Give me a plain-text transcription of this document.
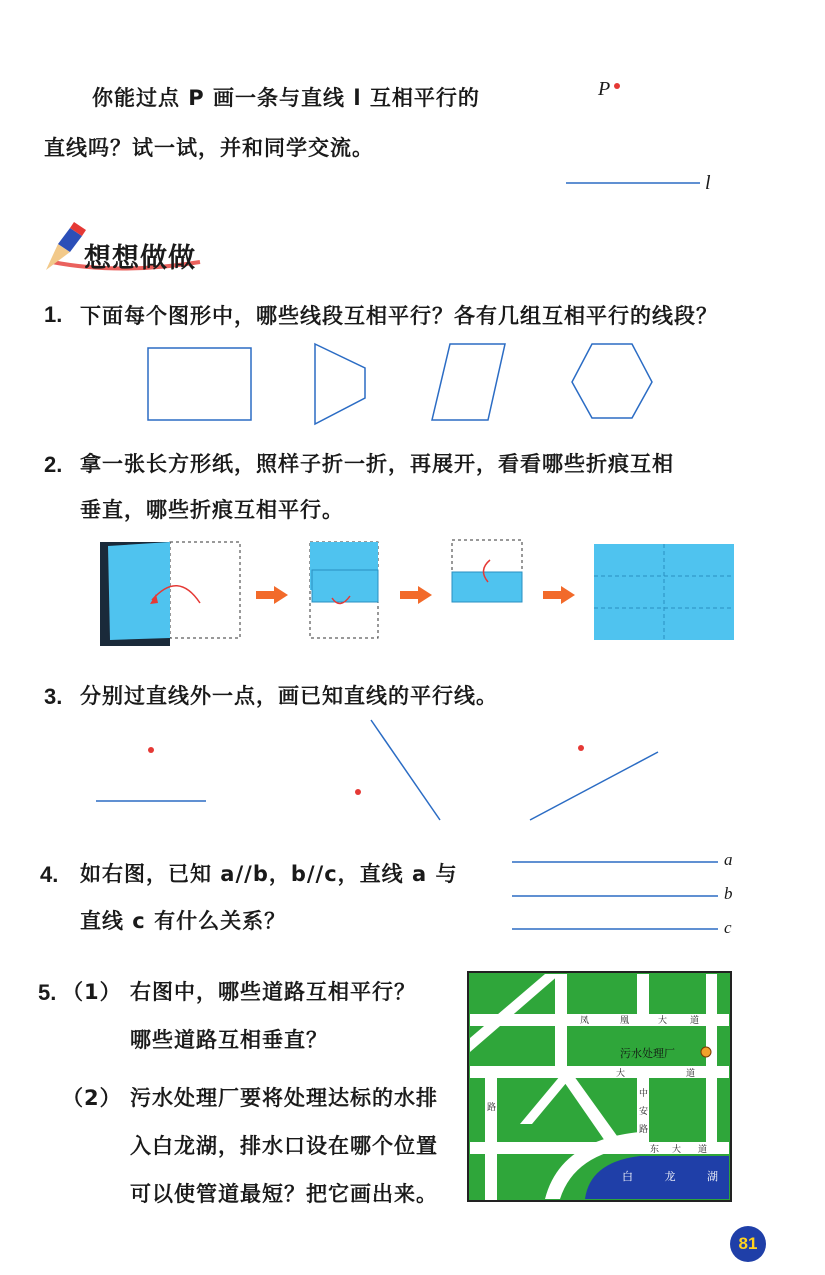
你能过点 P 画一条与直线 l 互相平行的
直线吗？试一试，并和同学交流。
P
l
想想做做
1. 下面每个图形中，哪些线段互相平行？各有几组互相平行的线段？
2. 拿一张长方形纸，照样子折一折，再展开，看看哪些折痕互相
垂直，哪些折痕互相平行。
3. 分别过直线外一点，画已知直线的平行线。
4. 如右图，已知 a//b，b//c，直线 a 与
直线 c 有什么关系？
a
b
c
5. （1） 右图中，哪些道路互相平行？
哪些道路互相垂直？
（2） 污水处理厂要将处理达标的水排
入白龙湖，排水口设在哪个位置
可以使管道最短？把它画出来。
污水处理厂
白 龙 湖
凤	凰	大	道
大	道
东 大 道
中
安
路
路
81
